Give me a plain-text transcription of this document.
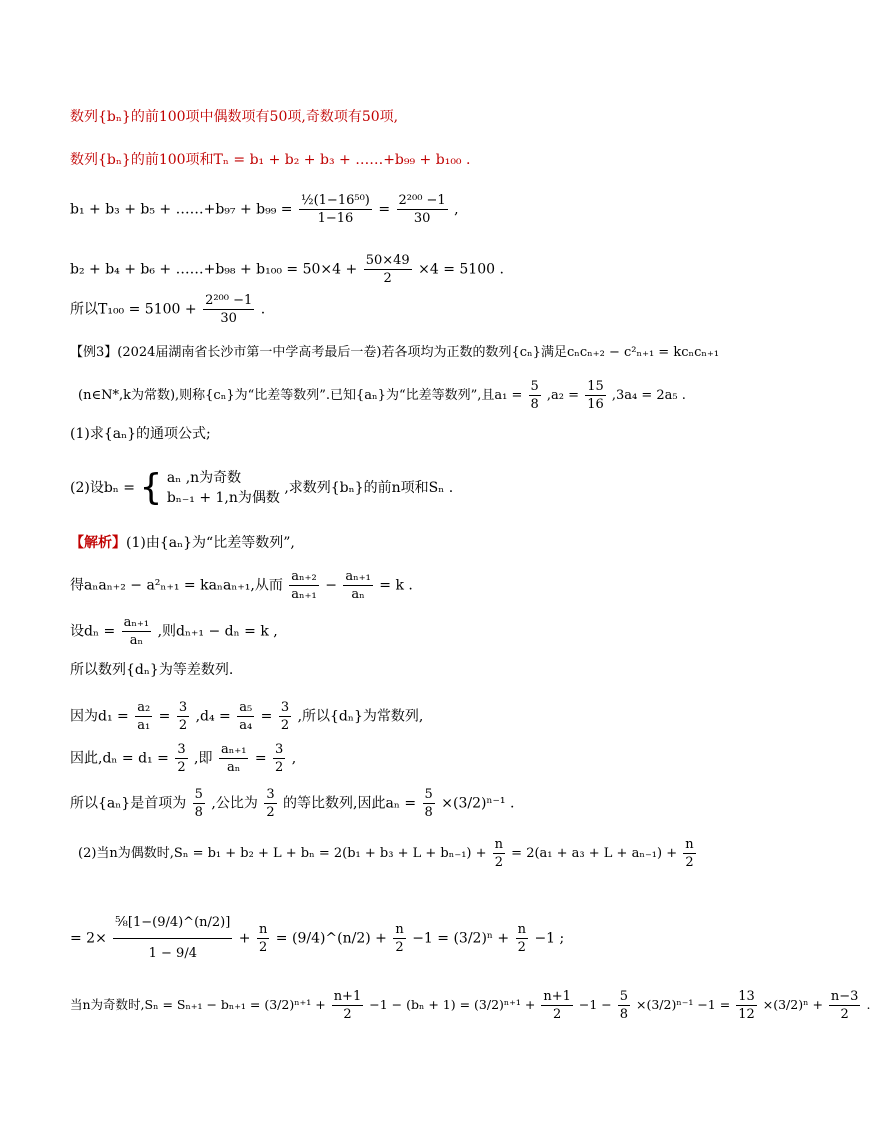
数列{bₙ}的前100项中偶数项有50项,奇数项有50项,
数列{bₙ}的前100项和Tₙ = b₁ + b₂ + b₃ + ……+b₉₉ + b₁₀₀ .
b₁ + b₃ + b₅ + ……+b₉₇ + $b_{99} = \frac{\text{½(1−16⁵⁰)}}{1-16} = \frac{\text{2²⁰⁰ −1}}{30}$ ,
b₂ + b₄ + b₆ + ……+b₉₈ + $b_{100} = 50\times 4 + \frac{50\times 49}{2} \times 4 = 5100$ .
所以$T_{100} = 5100 + \frac{\text{2²⁰⁰ −1}}{30}$ .
【例3】(2024届湖南省长沙市第一中学高考最后一卷)若各项均为正数的数列{cₙ}满足cₙcₙ₊₂ − c²ₙ₊₁ = kcₙcₙ₊₁
(n∈N*,k为常数),则称{cₙ}为“比差等数列”.已知{aₙ}为“比差等数列”,且$a_1 = \frac{5}{8} ,a_2 = \frac{15}{16} ,3a_4 = 2a_5$ .
(1)求{aₙ}的通项公式;
(2)设bₙ = { aₙ ,n为奇数
bₙ₋₁ + 1,n为偶数
,求数列{bₙ}的前n项和Sₙ .
【解析】(1)由{aₙ}为“比差等数列”,
得aₙaₙ₊₂ − a²ₙ₊₁ = kaₙaₙ₊₁,从而 $\frac{\text{aₙ₊₂}}{\text{aₙ₊₁}} - \frac{\text{aₙ₊₁}}{\text{aₙ}} = k$ .
设$d_n = \frac{\text{aₙ₊₁}}{\text{aₙ}}$ ,则dₙ₊₁ − dₙ = k ,
所以数列{dₙ}为等差数列.
因为$d_1 = \frac{\text{a₂}}{\text{a₁}} = \frac{3}{2} ,d_4 = \frac{\text{a₅}}{\text{a₄}} = \frac{3}{2}$ ,所以{dₙ}为常数列,
因此$,d_n = d_1 = \frac{3}{2}$ ,即 $\frac{\text{aₙ₊₁}}{\text{aₙ}} = \frac{3}{2}$ ,
所以{aₙ}是首项为 $\frac{5}{8}$ ,公比为 $\frac{3}{2}$ 的等比数列,因此$a_n = \frac{5}{8} \times(3/2)^{n-1}$ .
(2)当n为偶数时$,S_n = b_1 + b_2 + L + b_n = 2(b_1 + b_3 + L + b_{n-1}) + \frac{n}{2} = 2(a_1 + a_3 + L + a_{n-1}) + \frac{n}{2}$
= $2\times \frac{\text{⅝[1−(9/4)\textasciicircum{}(n/2)]}}{1 - 9/4} + \frac{n}{2}$ = (9/4)^(n/2) + $\frac{n}{2} -1 = (3/2)^n + \frac{n}{2} -1$ ;
当n为奇数时$,S_n = S_{n+1} - b_{n+1} = (3/2)^{n+1} + \frac{n+1}{2} -1 - (b_n + 1) = (3/2)^{n+1} + \frac{n+1}{2} -1 - \frac{5}{8} \times(3/2)^{n-1} -1 = \frac{13}{12} \times(3/2)^n + \frac{n-3}{2}$
